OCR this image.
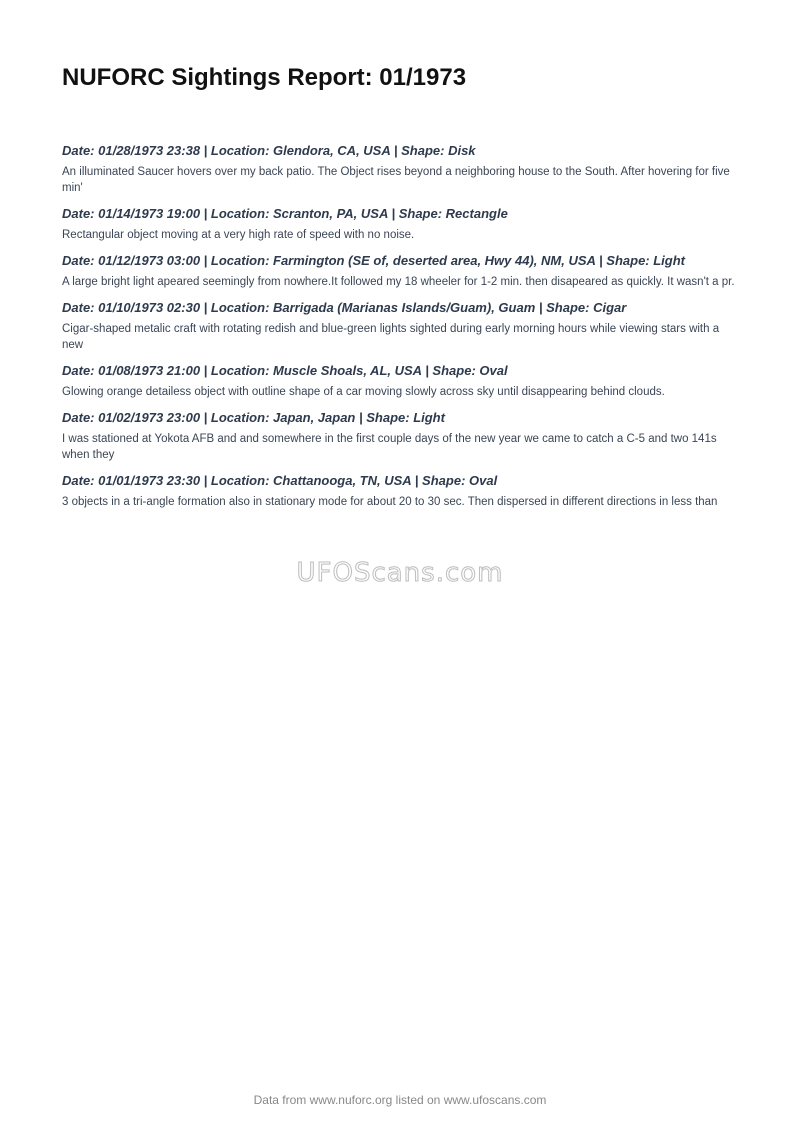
NUFORC Sightings Report: 01/1973

Date: 01/28/1973 23:38 | Location: Glendora, CA, USA | Shape: Disk

An illuminated Saucer hovers over my back patio. The Object rises beyond a neighboring house to the South. After hovering for five min'

Date: 01/14/1973 19:00 | Location: Scranton, PA, USA | Shape: Rectangle

Rectangular object moving at a very high rate of speed with no noise.

Date: 01/12/1973 03:00 | Location: Farmington (SE of, deserted area, Hwy 44), NM, USA | Shape: Light

A large bright light apeared seemingly from nowhere.It followed my 18 wheeler for 1-2 min. then disapeared as quickly. It wasn't a pr.

Date: 01/10/1973 02:30 | Location: Barrigada (Marianas Islands/Guam), Guam | Shape: Cigar

Cigar-shaped metalic craft with rotating redish and blue-green lights sighted during early morning hours while viewing stars with a new

Date: 01/08/1973 21:00 | Location: Muscle Shoals, AL, USA | Shape: Oval

Glowing orange detailess object with outline shape of a car moving slowly across sky until disappearing behind clouds.

Date: 01/02/1973 23:00 | Location: Japan, Japan | Shape: Light

I was stationed at Yokota AFB and and somewhere in the first couple days of the new year we came to catch a C-5 and two 141s when they

Date: 01/01/1973 23:30 | Location: Chattanooga, TN, USA | Shape: Oval

3 objects in a tri-angle formation also in stationary mode for about 20 to 30 sec. Then dispersed in different directions in less than

UFOScans.com
Data from www.nuforc.org listed on www.ufoscans.com
